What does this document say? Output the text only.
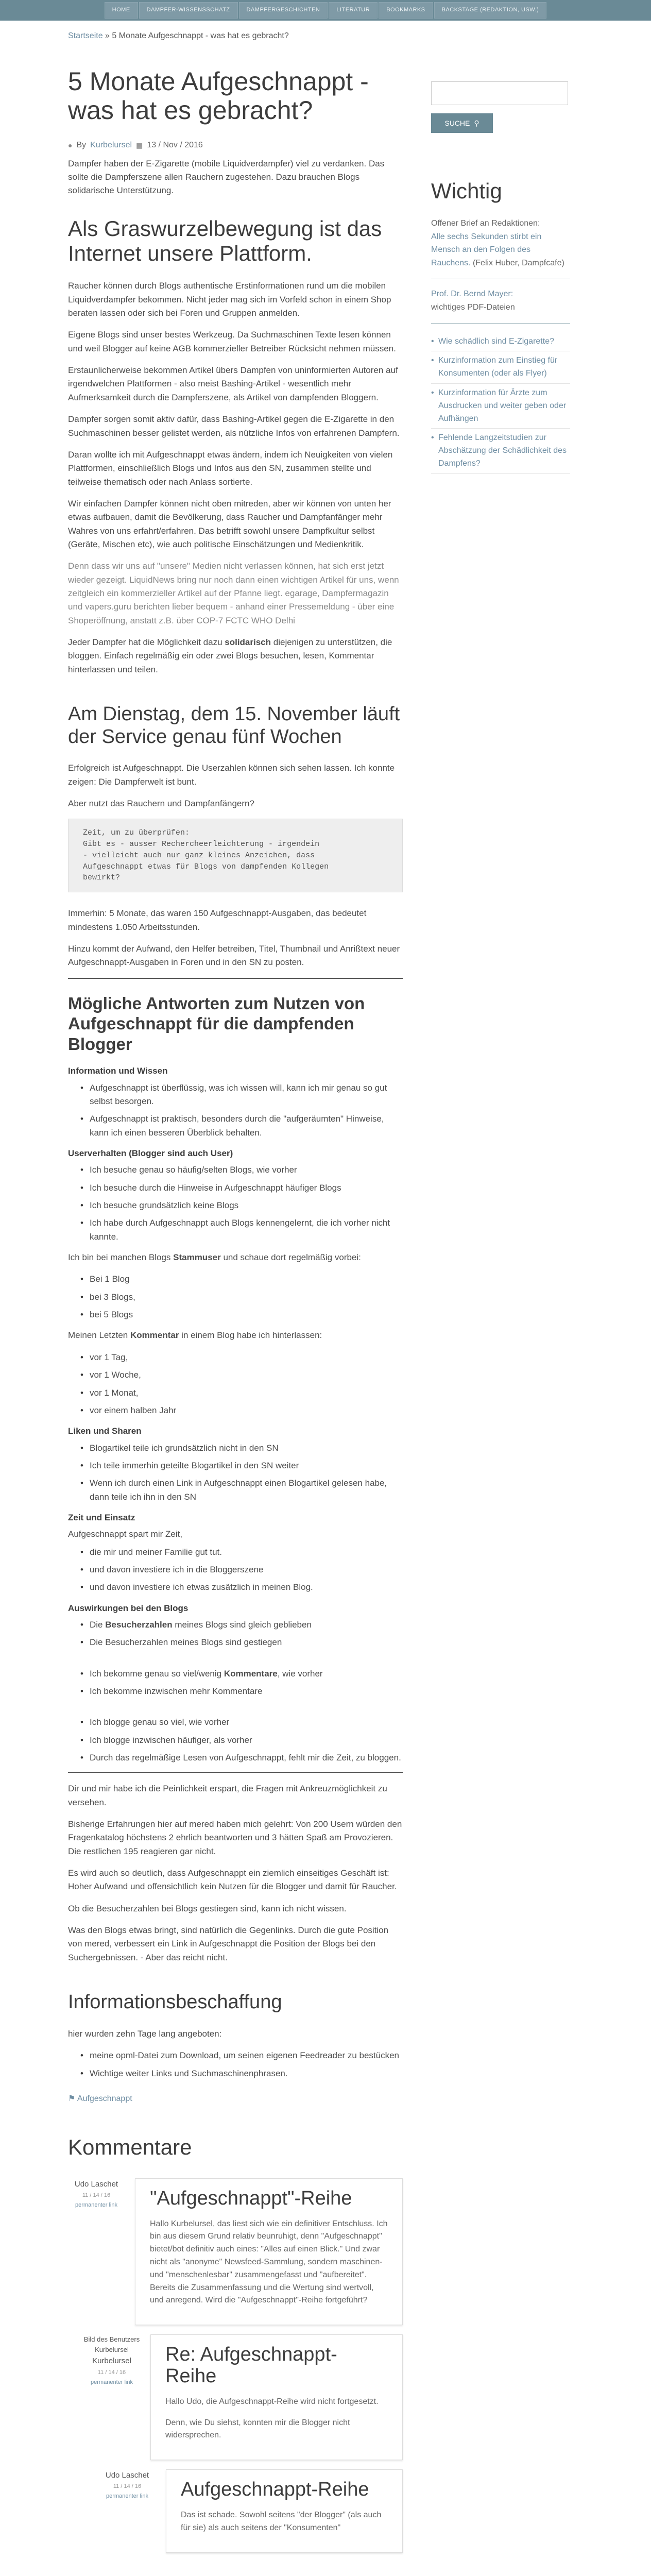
HOME	DAMPFER-WISSENSSCHATZ	DAMPFERGESCHICHTEN	LITERATUR	BOOKMARKS	BACKSTAGE (REDAKTION, USW.)
Startseite » 5 Monate Aufgeschnappt - was hat es gebracht?
5 Monate Aufgeschnappt - was hat es gebracht?
● By Kurbelursel ▦ 13 / Nov / 2016

Dampfer haben der E-Zigarette (mobile Liquidverdampfer) viel zu verdanken. Das sollte die Dampferszene allen Rauchern zugestehen. Dazu brauchen Blogs solidarische Unterstützung.

Als Graswurzelbewegung ist das Internet unsere Plattform.

Raucher können durch Blogs authentische Erstinformationen rund um die mobilen Liquidverdampfer bekommen. Nicht jeder mag sich im Vorfeld schon in einem Shop beraten lassen oder sich bei Foren und Gruppen anmelden.

Eigene Blogs sind unser bestes Werkzeug. Da Suchmaschinen Texte lesen können und weil Blogger auf keine AGB kommerzieller Betreiber Rücksicht nehmen müssen.

Erstaunlicherweise bekommen Artikel übers Dampfen von uninformierten Autoren auf irgendwelchen Plattformen - also meist Bashing-Artikel - wesentlich mehr Aufmerksamkeit durch die Dampferszene, als Artikel von dampfenden Bloggern.

Dampfer sorgen somit aktiv dafür, dass Bashing-Artikel gegen die E-Zigarette in den Suchmaschinen besser gelistet werden, als nützliche Infos von erfahrenen Dampfern.

Daran wollte ich mit Aufgeschnappt etwas ändern, indem ich Neuigkeiten von vielen Plattformen, einschließlich Blogs und Infos aus den SN, zusammen stellte und teilweise thematisch oder nach Anlass sortierte.

Wir einfachen Dampfer können nicht oben mitreden, aber wir können von unten her etwas aufbauen, damit die Bevölkerung, dass Raucher und Dampfanfänger mehr Wahres von uns erfahrt/erfahren. Das betrifft sowohl unsere Dampfkultur selbst (Geräte, Mischen etc), wie auch politische Einschätzungen und Medienkritik.

Denn dass wir uns auf "unsere" Medien nicht verlassen können, hat sich erst jetzt wieder gezeigt. LiquidNews bring nur noch dann einen wichtigen Artikel für uns, wenn zeitgleich ein kommerzieller Artikel auf der Pfanne liegt. egarage, Dampfermagazin und vapers.guru berichten lieber bequem - anhand einer Pressemeldung - über eine Shoperöffnung, anstatt z.B. über COP-7 FCTC WHO Delhi

Jeder Dampfer hat die Möglichkeit dazu solidarisch diejenigen zu unterstützen, die bloggen. Einfach regelmäßig ein oder zwei Blogs besuchen, lesen, Kommentar hinterlassen und teilen.

Am Dienstag, dem 15. November läuft der Service genau fünf Wochen

Erfolgreich ist Aufgeschnappt. Die Userzahlen können sich sehen lassen. Ich konnte zeigen: Die Dampferwelt ist bunt.

Aber nutzt das Rauchern und Dampfanfängern?

Zeit, um zu überprüfen:
Gibt es - ausser Rechercheerleichterung - irgendein
- vielleicht auch nur ganz kleines Anzeichen, dass
Aufgeschnappt etwas für Blogs von dampfenden Kollegen
bewirkt?

Immerhin: 5 Monate, das waren 150 Aufgeschnappt-Ausgaben, das bedeutet mindestens 1.050 Arbeitsstunden.

Hinzu kommt der Aufwand, den Helfer betreiben, Titel, Thumbnail und Anrißtext neuer Aufgeschnappt-Ausgaben in Foren und in den SN zu posten.

Mögliche Antworten zum Nutzen von Aufgeschnappt für die dampfenden Blogger
Information und Wissen
• Aufgeschnappt ist überflüssig, was ich wissen will, kann ich mir genau so gut selbst besorgen.
• Aufgeschnappt ist praktisch, besonders durch die "aufgeräumten" Hinweise, kann ich einen besseren Überblick behalten.
Userverhalten (Blogger sind auch User)
• Ich besuche genau so häufig/selten Blogs, wie vorher
• Ich besuche durch die Hinweise in Aufgeschnappt häufiger Blogs
• Ich besuche grundsätzlich keine Blogs
• Ich habe durch Aufgeschnappt auch Blogs kennengelernt, die ich vorher nicht kannte.

Ich bin bei manchen Blogs Stammuser und schaue dort regelmäßig vorbei:

• Bei 1 Blog
• bei 3 Blogs,
• bei 5 Blogs

Meinen Letzten Kommentar in einem Blog habe ich hinterlassen:

• vor 1 Tag,
• vor 1 Woche,
• vor 1 Monat,
• vor einem halben Jahr
Liken und Sharen
• Blogartikel teile ich grundsätzlich nicht in den SN
• Ich teile immerhin geteilte Blogartikel in den SN weiter
• Wenn ich durch einen Link in Aufgeschnappt einen Blogartikel gelesen habe, dann teile ich ihn in den SN
Zeit und Einsatz

Aufgeschnappt spart mir Zeit,

• die mir und meiner Familie gut tut.
• und davon investiere ich in die Bloggerszene
• und davon investiere ich etwas zusätzlich in meinen Blog.
Auswirkungen bei den Blogs
• Die Besucherzahlen meines Blogs sind gleich geblieben
• Die Besucherzahlen meines Blogs sind gestiegen
• Ich bekomme genau so viel/wenig Kommentare, wie vorher
• Ich bekomme inzwischen mehr Kommentare
• Ich blogge genau so viel, wie vorher
• Ich blogge inzwischen häufiger, als vorher
• Durch das regelmäßige Lesen von Aufgeschnappt, fehlt mir die Zeit, zu bloggen.

Dir und mir habe ich die Peinlichkeit erspart, die Fragen mit Ankreuzmöglichkeit zu versehen.

Bisherige Erfahrungen hier auf mered haben mich gelehrt: Von 200 Usern würden den Fragenkatalog höchstens 2 ehrlich beantworten und 3 hätten Spaß am Provozieren. Die restlichen 195 reagieren gar nicht.

Es wird auch so deutlich, dass Aufgeschnappt ein ziemlich einseitiges Geschäft ist: Hoher Aufwand und offensichtlich kein Nutzen für die Blogger und damit für Raucher.

Ob die Besucherzahlen bei Blogs gestiegen sind, kann ich nicht wissen.

Was den Blogs etwas bringt, sind natürlich die Gegenlinks. Durch die gute Position von mered, verbessert ein Link in Aufgeschnappt die Position der Blogs bei den Suchergebnissen. - Aber das reicht nicht.

Informationsbeschaffung

hier wurden zehn Tage lang angeboten:

• meine opml-Datei zum Download, um seinen eigenen Feedreader zu bestücken
• Wichtige weiter Links und Suchmaschinenphrasen.
⚑ Aufgeschnappt
Kommentare
Udo Laschet
11 / 14 / 16
permanenter link	"Aufgeschnappt"-Reihe

Hallo Kurbelursel, das liest sich wie ein definitiver Entschluss. Ich bin aus diesem Grund relativ beunruhigt, denn "Aufgeschnappt" bietet/bot definitiv auch eines: "Alles auf einen Blick." Und zwar nicht als "anonyme" Newsfeed-Sammlung, sondern maschinen- und "menschenlesbar" zusammengefasst und "aufbereitet". Bereits die Zusammenfassung und die Wertung sind wertvoll, und anregend. Wird die "Aufgeschnappt"-Reihe fortgeführt?

Bild des Benutzers Kurbelursel
Kurbelursel
11 / 14 / 16
permanenter link
Re: Aufgeschnappt-Reihe

Hallo Udo, die Aufgeschnappt-Reihe wird nicht fortgesetzt.

Denn, wie Du siehst, konnten mir die Blogger nicht widersprechen.

Udo Laschet
11 / 14 / 16
permanenter link	Aufgeschnappt-Reihe

Das ist schade. Sowohl seitens "der Blogger" (als auch für sie) als auch seitens der "Konsumenten"

SUCHE ⚲
Wichtig
Offener Brief an Redaktionen:
Alle sechs Sekunden stirbt ein Mensch an den Folgen des Rauchens. (Felix Huber, Dampfcafe)
Prof. Dr. Bernd Mayer:
wichtiges PDF-Dateien
• Wie schädlich sind E-Zigarette?
• Kurzinformation zum Einstieg für Konsumenten (oder als Flyer)
• Kurzinformation für Ärzte zum Ausdrucken und weiter geben oder Aufhängen
• Fehlende Langzeitstudien zur Abschätzung der Schädlichkeit des Dampfens?
